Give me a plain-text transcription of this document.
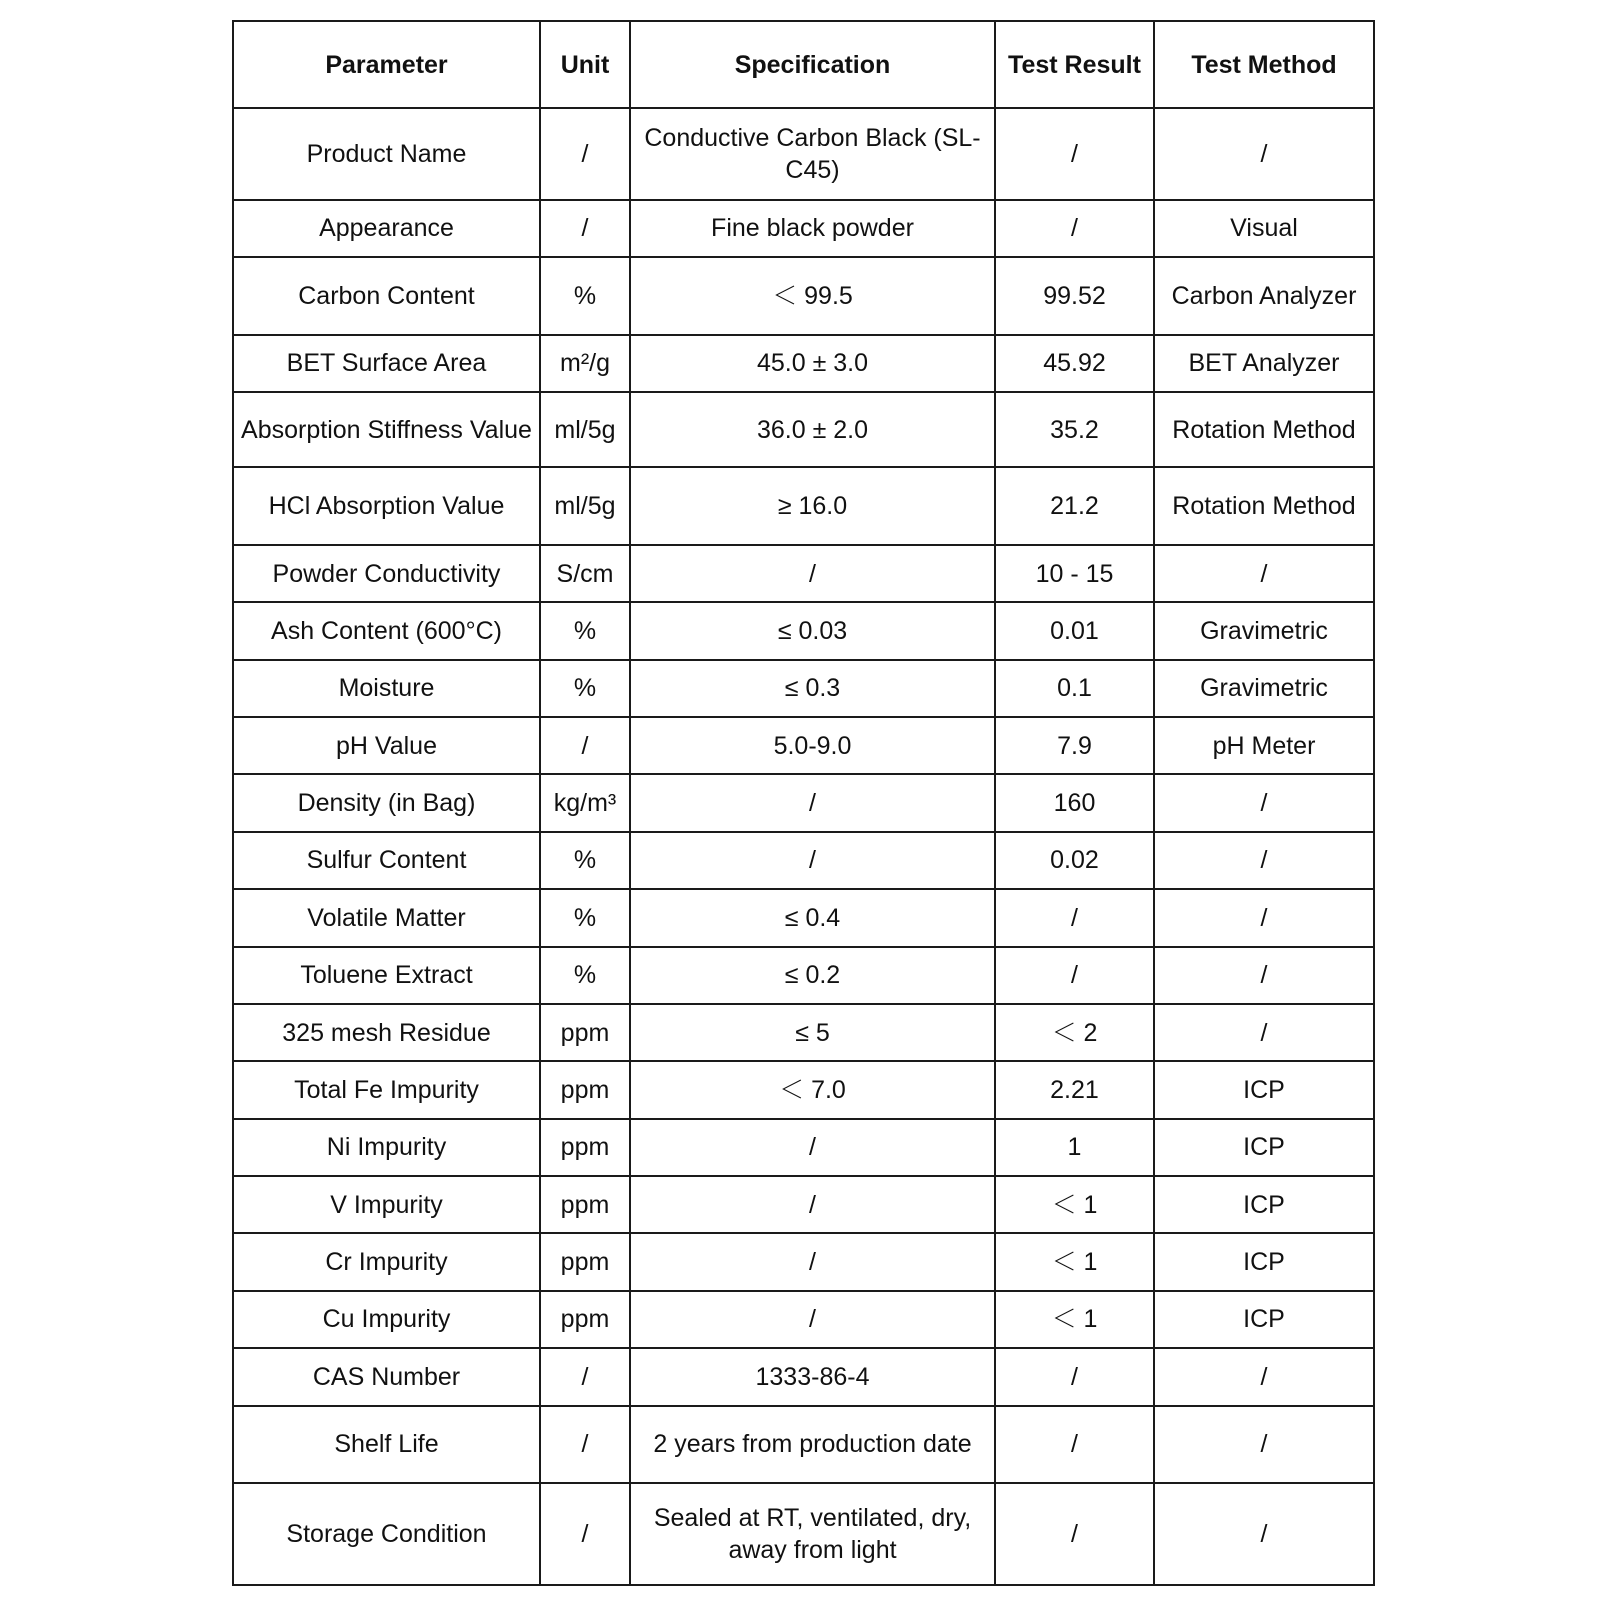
Parameter	Unit	Specification	Test Result	Test Method
Product Name	/	Conductive Carbon Black (SL-C45)	/	/
Appearance	/	Fine black powder	/	Visual
Carbon Content	%	＜ 99.5	99.52	Carbon Analyzer
BET Surface Area	m²/g	45.0 ± 3.0	45.92	BET Analyzer
Absorption Stiffness Value	ml/5g	36.0 ± 2.0	35.2	Rotation Method
HCl Absorption Value	ml/5g	≥ 16.0	21.2	Rotation Method
Powder Conductivity	S/cm	/	10 - 15	/
Ash Content (600°C)	%	≤ 0.03	0.01	Gravimetric
Moisture	%	≤ 0.3	0.1	Gravimetric
pH Value	/	5.0-9.0	7.9	pH Meter
Density (in Bag)	kg/m³	/	160	/
Sulfur Content	%	/	0.02	/
Volatile Matter	%	≤ 0.4	/	/
Toluene Extract	%	≤ 0.2	/	/
325 mesh Residue	ppm	≤ 5	＜ 2	/
Total Fe Impurity	ppm	＜ 7.0	2.21	ICP
Ni Impurity	ppm	/	1	ICP
V Impurity	ppm	/	＜ 1	ICP
Cr Impurity	ppm	/	＜ 1	ICP
Cu Impurity	ppm	/	＜ 1	ICP
CAS Number	/	1333-86-4	/	/
Shelf Life	/	2 years from production date	/	/
Storage Condition	/	Sealed at RT, ventilated, dry, away from light	/	/
